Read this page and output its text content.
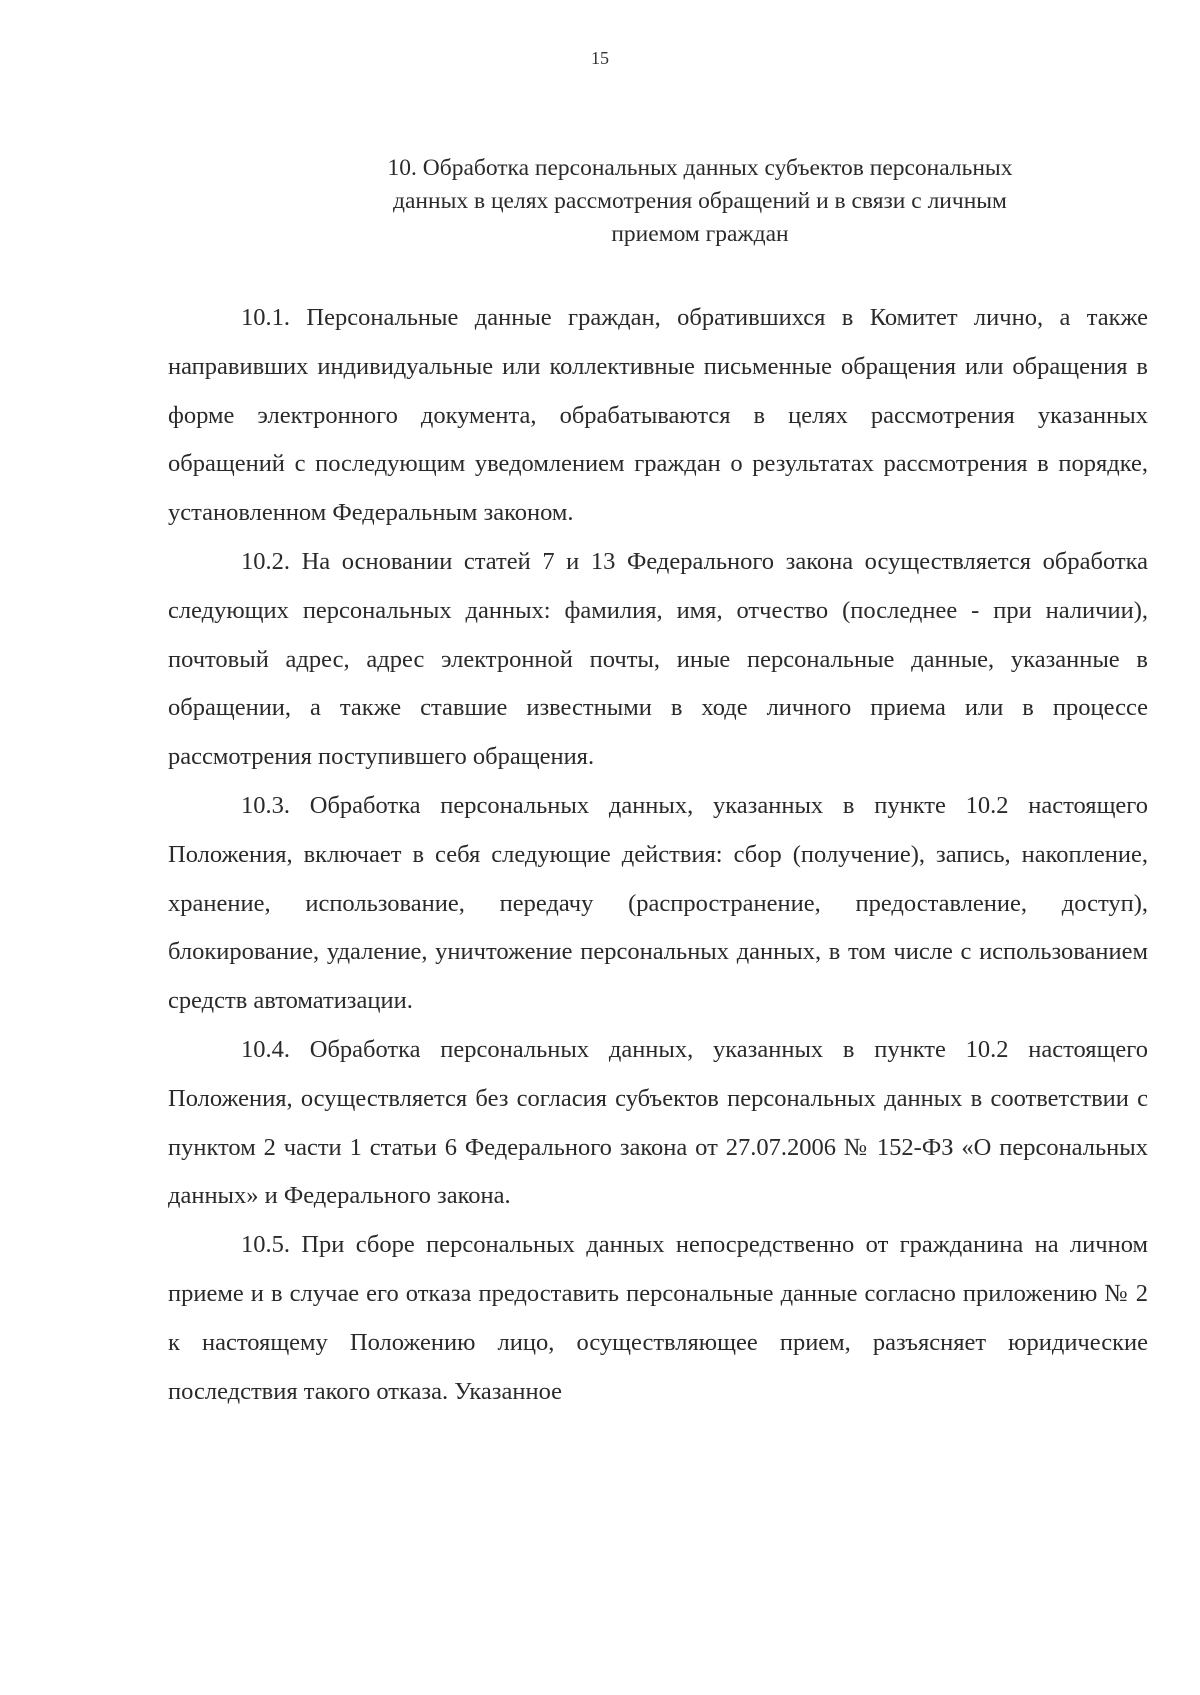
15
10. Обработка персональных данных субъектов персональных
данных в целях рассмотрения обращений и в связи с личным
приемом граждан

10.1. Персональные данные граждан, обратившихся в Комитет лично, а также направивших индивидуальные или коллективные письменные обращения или обращения в форме электронного документа, обрабатываются в целях рассмотрения указанных обращений с последующим уведомлением граждан о результатах рассмотрения в порядке, установленном Федеральным законом.

10.2. На основании статей 7 и 13 Федерального закона осуществляется обработка следующих персональных данных: фамилия, имя, отчество (последнее - при наличии), почтовый адрес, адрес электронной почты, иные персональные данные, указанные в обращении, а также ставшие известными в ходе личного приема или в процессе рассмотрения поступившего обращения.

10.3. Обработка персональных данных, указанных в пункте 10.2 настоящего Положения, включает в себя следующие действия: сбор (получение), запись, накопление, хранение, использование, передачу (распространение, предоставление, доступ), блокирование, удаление, уничтожение персональных данных, в том числе с использованием средств автоматизации.

10.4. Обработка персональных данных, указанных в пункте 10.2 настоящего Положения, осуществляется без согласия субъектов персональных данных в соответствии с пунктом 2 части 1 статьи 6 Федерального закона от 27.07.2006 № 152-ФЗ «О персональных данных» и Федерального закона.

10.5. При сборе персональных данных непосредственно от гражданина на личном приеме и в случае его отказа предоставить персональные данные согласно приложению № 2 к настоящему Положению лицо, осуществляющее прием, разъясняет юридические последствия такого отказа. Указанное
